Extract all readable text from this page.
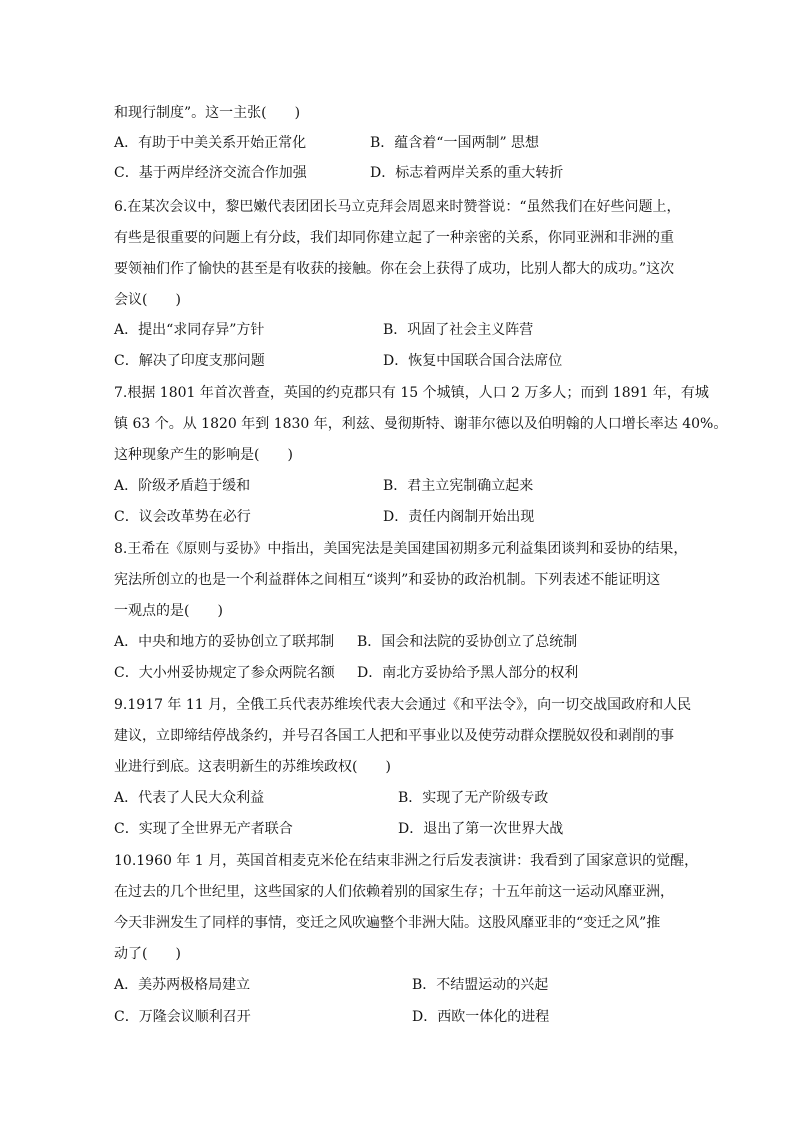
和现行制度”。这一主张(　　)
A．有助于中美关系开始正常化	B．蕴含着“一国两制” 思想
C．基于两岸经济交流合作加强	D．标志着两岸关系的重大转折
6.在某次会议中，黎巴嫩代表团团长马立克拜会周恩来时赞誉说：“虽然我们在好些问题上，
有些是很重要的问题上有分歧，我们却同你建立起了一种亲密的关系，你同亚洲和非洲的重
要领袖们作了愉快的甚至是有收获的接触。你在会上获得了成功，比别人都大的成功。”这次
会议(　　)
A．提出“求同存异”方针	B．巩固了社会主义阵营
C．解决了印度支那问题	D．恢复中国联合国合法席位
7.根据 1801 年首次普查，英国的约克郡只有 15 个城镇，人口 2 万多人；而到 1891 年，有城
镇 63 个。从 1820 年到 1830 年，利兹、曼彻斯特、谢菲尔德以及伯明翰的人口增长率达 40%。
这种现象产生的影响是(　　)
A．阶级矛盾趋于缓和	B．君主立宪制确立起来
C．议会改革势在必行	D．责任内阁制开始出现
8.王希在《原则与妥协》中指出，美国宪法是美国建国初期多元利益集团谈判和妥协的结果，
宪法所创立的也是一个利益群体之间相互“谈判”和妥协的政治机制。下列表述不能证明这
一观点的是(　　)
A．中央和地方的妥协创立了联邦制 B．国会和法院的妥协创立了总统制
C．大小州妥协规定了参众两院名额 D．南北方妥协给予黑人部分的权利
9.1917 年 11 月，全俄工兵代表苏维埃代表大会通过《和平法令》，向一切交战国政府和人民
建议，立即缔结停战条约，并号召各国工人把和平事业以及使劳动群众摆脱奴役和剥削的事
业进行到底。这表明新生的苏维埃政权(　　)
A．代表了人民大众利益	B．实现了无产阶级专政
C．实现了全世界无产者联合	D．退出了第一次世界大战
10.1960 年 1 月，英国首相麦克米伦在结束非洲之行后发表演讲：我看到了国家意识的觉醒，
在过去的几个世纪里，这些国家的人们依赖着别的国家生存；十五年前这一运动风靡亚洲，
今天非洲发生了同样的事情，变迁之风吹遍整个非洲大陆。这股风靡亚非的“变迁之风”推
动了(　　)
A．美苏两极格局建立	B．不结盟运动的兴起
C．万隆会议顺利召开	D．西欧一体化的进程
